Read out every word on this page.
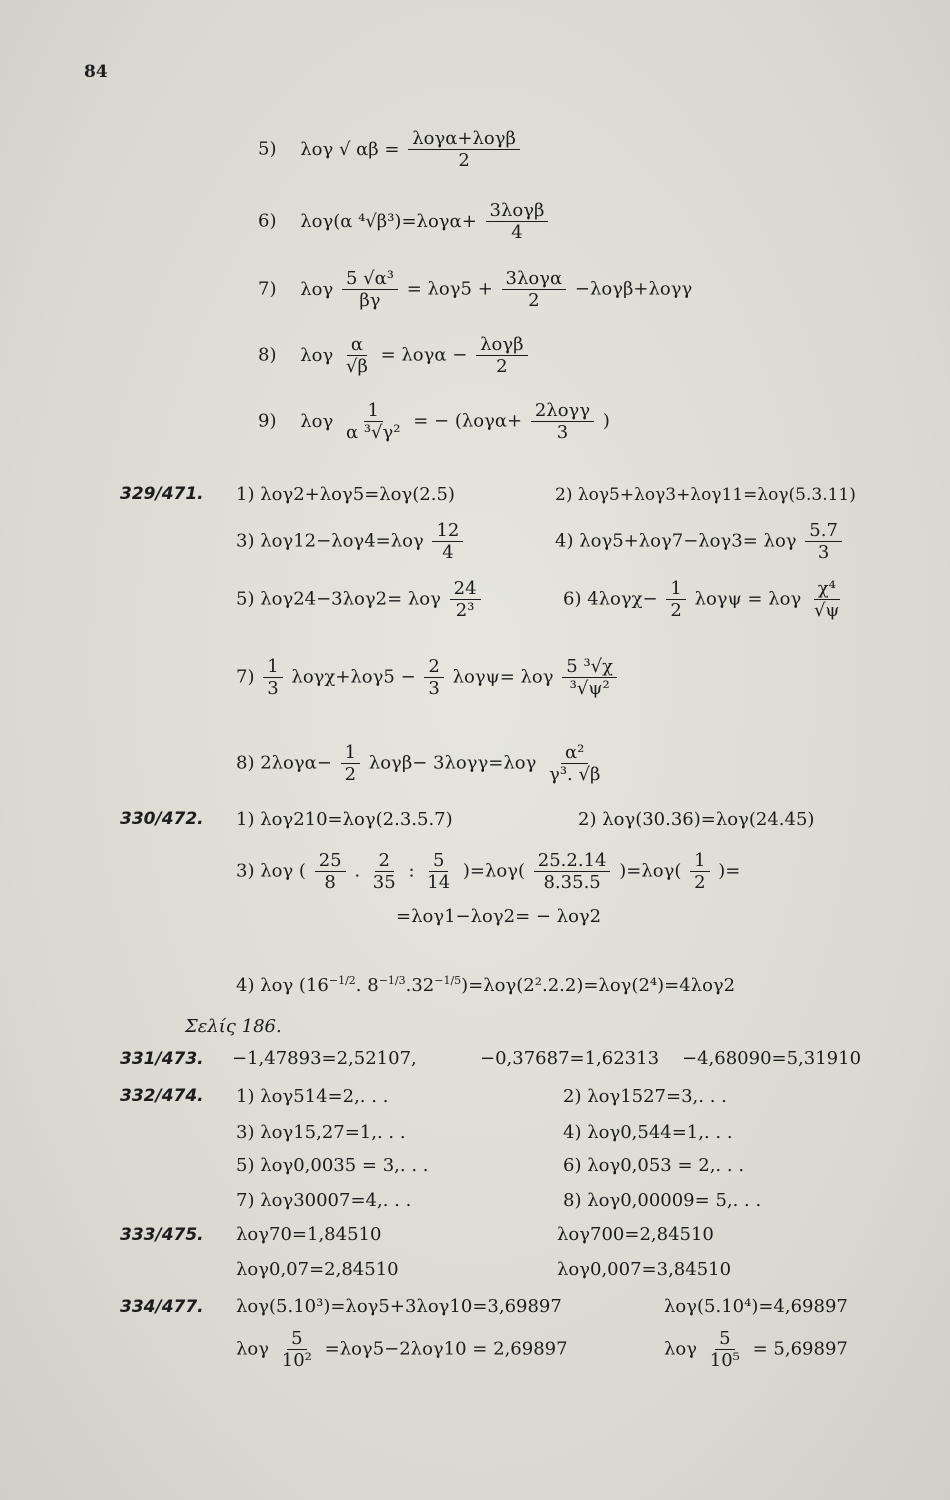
84
5) λογ √ $\alpha\beta = \frac{\text{λογα+λογβ}}{2}$
6) λογ(α $^4√\beta^3)=\lambda o\gamma\alpha+ \frac{\text{3λογβ}}{4}$
7) λογ $\frac{\text{5 √α³}}{\beta\gamma} = \lambda o\gamma 5 + \frac{\text{3λογα}}{2} -\lambda o\gamma\beta+\lambda o\gamma\gamma$
8) λογ $\frac{\alpha}{√\beta} = \lambda o\gamma\alpha - \frac{\text{λογβ}}{2}$
9) λογ $\frac{1}{\text{α ³√γ²}}$ = − ($\lambda o\gamma\alpha+ \frac{\text{2λογγ}}{3}$ )
329/471. 1) λογ2+λογ5=λογ(2.5)	2) λογ5+λογ3+λογ11=λογ(5.3.11)
3) $\lambda o\gamma 12-\lambda o\gamma 4=\lambda o\gamma \frac{12}{4}$	4) λογ5+λογ7−λογ3= λογ $\frac{5.7}{3}$
5) λογ24−3λογ2= λογ $\frac{24}{\text{2³}}$	6) $4\lambda o\gamma\chi- \frac{1}{2}$ λογψ = λογ $\frac{\text{χ⁴}}{√\psi}$
$7) \frac{1}{3} \lambda o\gamma\chi+\lambda o\gamma 5 - \frac{2}{3} \lambda o\gamma\psi= \lambda o\gamma \frac{\text{5 ³√χ}}{\text{³√ψ²}}$
8) $2\lambda o\gamma\alpha- \frac{1}{2} \lambda o\gamma\beta- 3\lambda o\gamma\gamma=\lambda o\gamma \frac{\text{α²}}{\text{γ³. √β}}$
330/472. 1) λογ210=λογ(2.3.5.7)	2) λογ(30.36)=λογ(24.45)
3) λογ ( $\frac{25}{8}$ . $\frac{2}{35}$ : $\frac{5}{14} )=\lambda o\gamma( \frac{25.2.14}{8.35.5} )=\lambda o\gamma( \frac{1}{2}$ )=
=λογ1−λογ2= − λογ2
4) λογ ($16^{-1/2}$. $8^{-1/3}.32^{-1/5})=\lambda o\gamma(2^2.2.2)=\lambda o\gamma(2^4)=4\lambda o\gamma 2$
Σελίς 186.
331/473. −1,47893=2,52107,	−0,37687=1,62313 −4,68090=5,31910
332/474. 1) λογ514=2,. . .	2) λογ1527=3,. . .
3) λογ15,27=1,. . .	4) λογ0,544=1,. . .
5) λογ0,0035 = 3,. . .	6) λογ0,053 = 2,. . .
7) λογ30007=4,. . .	8) λογ0,00009= 5,. . .
333/475. λογ70=1,84510	λογ700=2,84510
λογ0,07=2,84510	λογ0,007=3,84510
334/477. λογ(5.10³)=λογ5+3λογ10=3,69897	λογ(5.10⁴)=4,69897
λογ $\frac{5}{\text{10²}} =\lambda o\gamma 5-2\lambda o\gamma 10 = 2,69897$	λογ $\frac{5}{\text{10⁵}} = 5,69897$
